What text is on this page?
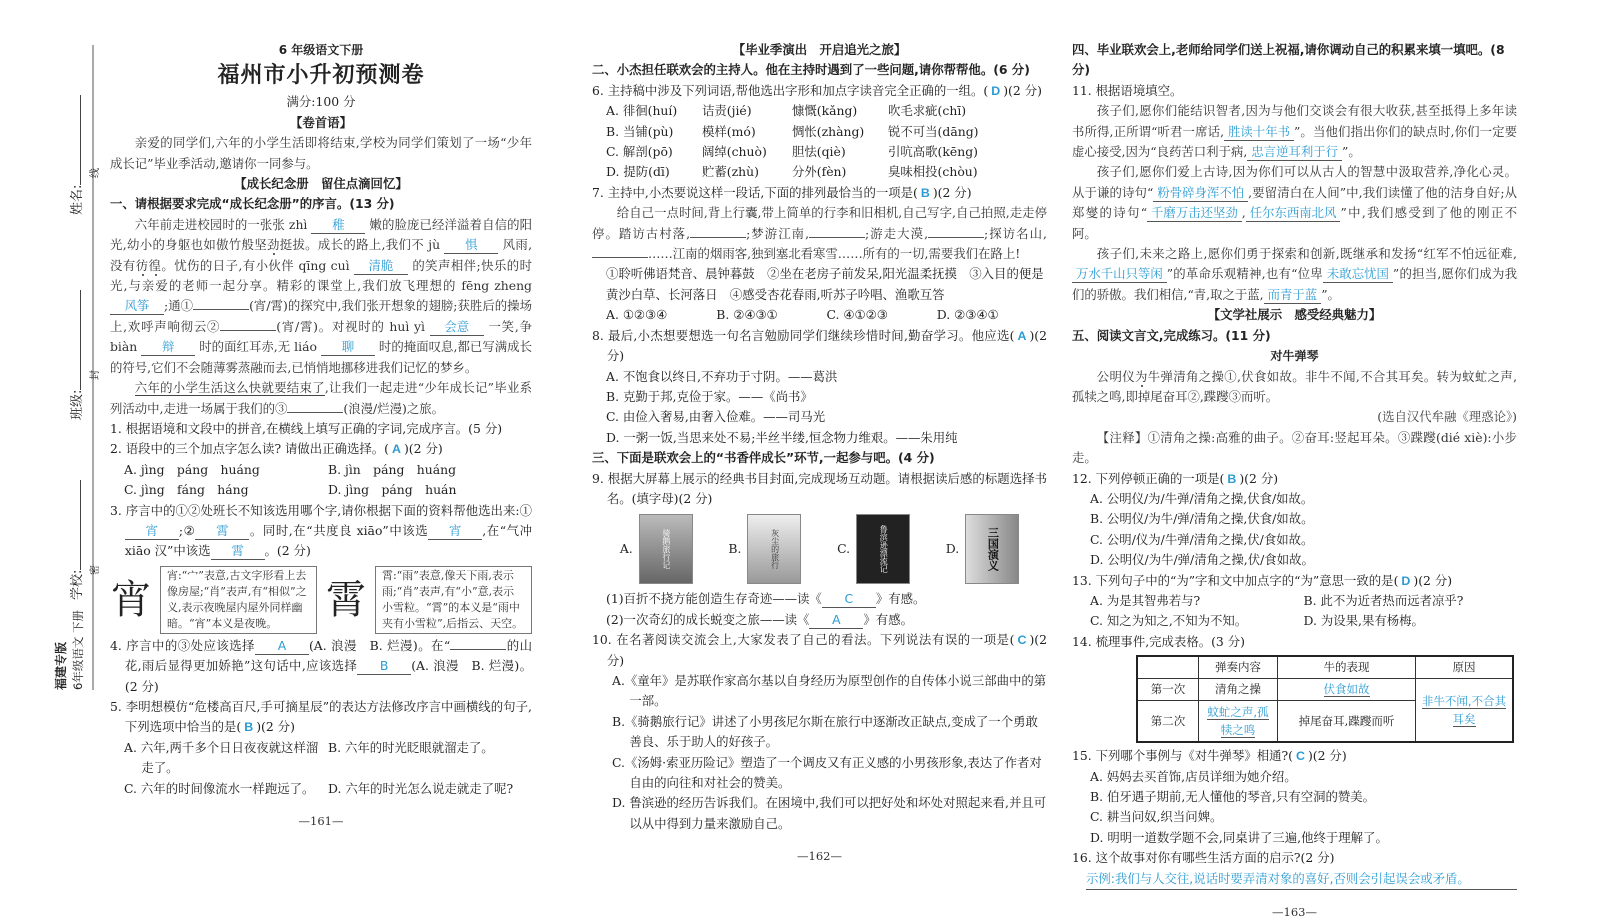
姓名:
线
班级:
封
学校: 密
福建专版 6年级语文 下册
6 年级语文下册
福州市小升初预测卷
满分:100 分
【卷首语】
亲爱的同学们,六年的小学生活即将结束,学校为同学们策划了一场“少年成长记”毕业季活动,邀请你一同参与。
【成长纪念册　留住点滴回忆】
一、请根据要求完成“成长纪念册”的序言。(13 分)
六年前走进校园时的一张张 zhì 稚 嫩的脸庞已经洋溢着自信的阳光,幼小的身躯也如傲竹般坚劲挺拔。成长的路上,我们不 jù 惧 风雨,没有彷徨。忧伤的日子,有小伙伴 qīng cuì 清脆 的笑声相伴;快乐的时光,与亲爱的老师一起分享。精彩的课堂上,我们放飞理想的 fēng zheng 风筝 ;通①	(宵/霄)的探究中,我们张开想象的翅膀;获胜后的操场上,欢呼声响彻云②	(宵/霄)。对视时的 huì yì 会意 一笑,争 biàn 辩 时的面红耳赤,无 liáo 聊 时的掩面叹息,都已写满成长的符号,它们不会随薄雾蒸融而去,已悄悄地挪移进我们记忆的梦乡。
六年的小学生活这么快就要结束了,让我们一起走进“少年成长记”毕业系列活动中,走进一场属于我们的③	(浪漫/烂漫)之旅。
1. 根据语境和文段中的拼音,在横线上填写正确的字词,完成序言。(5 分)
2. 语段中的三个加点字怎么读? 请做出正确选择。( A )(2 分)
A. jìng　páng　huáng	B. jìn　páng　huáng
C. jìng　fáng　háng	D. jìng　páng　huán
3. 序言中的①②处班长不知该选用哪个字,请你根据下面的资料帮他选出来:①宵 ;② 霄 。同时,在“共度良 xiāo”中该选 宵 ,在“气冲 xiāo 汉”中该选 霄 。(2 分)
宵
宵:“宀”表意,古文字形看上去像房屋;“肖”表声,有“相似”之义,表示夜晚屋内屋外同样幽暗。“宵”本义是夜晚。
霄
霄:“雨”表意,像天下雨,表示雨;“肖”表声,有“小”意,表示小雪粒。“霄”的本义是“雨中夹有小雪粒”,后指云、天空。
4. 序言中的③处应该选择 A (A. 浪漫　B. 烂漫)。在“	的山花,雨后显得更加娇艳”这句话中,应该选择 B (A. 浪漫　B. 烂漫)。(2 分)
5. 李明想模仿“危楼高百尺,手可摘星辰”的表达方法修改序言中画横线的句子,下列选项中恰当的是( B )(2 分)
A. 六年,两千多个日日夜夜就这样溜走了。
B. 六年的时光眨眼就溜走了。
C. 六年的时间像流水一样跑远了。	D. 六年的时光怎么说走就走了呢?
—161—
【毕业季演出　开启追光之旅】
二、小杰担任联欢会的主持人。他在主持时遇到了一些问题,请你帮帮他。(6 分)
6. 主持稿中涉及下列词语,帮他选出字形和加点字读音完全正确的一组。( D )(2 分)
A. 徘徊(huí)	诘责(jié)	慷慨(kǎng)	吹毛求疵(chī)
B. 当铺(pù)	模样(mó)	惆怅(zhàng)	锐不可当(dāng)
C. 解剖(pō)	阔绰(chuò)	胆怯(qiè)	引吭高歌(kēng)
D. 提防(dī)	贮蓄(zhù)	分外(fèn)	臭味相投(chòu)
7. 主持中,小杰要说这样一段话,下面的排列最恰当的一项是( B )(2 分)
给自己一点时间,背上行囊,带上简单的行李和旧相机,自己写字,自己拍照,走走停停。踏访古村落,	;梦游江南,	;游走大漠,	;探访名山,……江南的烟雨客,独到塞北看寒雪……所有的一切,需要我们在路上!
①聆听佛语梵音、晨钟暮鼓　②坐在老房子前发呆,阳光温柔抚摸　③入目的便是黄沙白草、长河落日　④感受杏花春雨,听苏子吟唱、渔歌互答
A. ①②③④	B. ②④③①	C. ④①②③	D. ②③④①
8. 最后,小杰想要想选一句名言勉励同学们继续珍惜时间,勤奋学习。他应选( A )(2 分)
A. 不饱食以终日,不弃功于寸阴。——葛洪
B. 克勤于邦,克俭于家。——《尚书》
C. 由俭入奢易,由奢入俭难。——司马光
D. 一粥一饭,当思来处不易;半丝半缕,恒念物力维艰。——朱用纯
三、下面是联欢会上的“书香伴成长”环节,一起参与吧。(4 分)
9. 根据大屏幕上展示的经典书目封面,完成现场互动题。请根据读后感的标题选择书名。(填字母)(2 分)
A.	骑鹅旅行记	B.	灰尘的旅行	C.	鲁滨逊漂流记	D.	三国演义
(1)百折不挠方能创造生存奇迹——读《 C 》有感。
(2)一次奇幻的成长蜕变之旅——读《 A 》有感。
10. 在名著阅读交流会上,大家发表了自己的看法。下列说法有误的一项是( C )(2 分)
A.《童年》是苏联作家高尔基以自身经历为原型创作的自传体小说三部曲中的第一部。
B.《骑鹅旅行记》讲述了小男孩尼尔斯在旅行中逐渐改正缺点,变成了一个勇敢善良、乐于助人的好孩子。
C.《汤姆·索亚历险记》塑造了一个调皮又有正义感的小男孩形象,表达了作者对自由的向往和对社会的赞美。
D. 鲁滨逊的经历告诉我们。在困境中,我们可以把好处和坏处对照起来看,并且可以从中得到力量来激励自己。
—162—
四、毕业联欢会上,老师给同学们送上祝福,请你调动自己的积累来填一填吧。(8 分)
11. 根据语境填空。
孩子们,愿你们能结识智者,因为与他们交谈会有很大收获,甚至抵得上多年读书所得,正所谓“听君一席话, 胜读十年书 ”。当他们指出你们的缺点时,你们一定要虚心接受,因为“良药苦口利于病, 忠言逆耳利于行 ”。
孩子们,愿你们爱上古诗,因为你们可以从古人的智慧中汲取营养,净化心灵。从于谦的诗句“ 粉骨碎身浑不怕 ,要留清白在人间”中,我们读懂了他的洁身自好;从郑燮的诗句“ 千磨万击还坚劲 , 任尔东西南北风 ”中,我们感受到了他的刚正不阿。
孩子们,未来之路上,愿你们勇于探索和创新,既继承和发扬“红军不怕远征难,万水千山只等闲 ”的革命乐观精神,也有“位卑 未敢忘忧国 ”的担当,愿你们成为我们的骄傲。我们相信,“青,取之于蓝, 而青于蓝 ”。
【文学社展示　感受经典魅力】
五、阅读文言文,完成练习。(11 分)
对牛弹琴
公明仪为牛弹清角之操①,伏食如故。非牛不闻,不合其耳矣。转为蚊虻之声,孤犊之鸣,即掉尾奋耳②,蹀躞③而听。
(选自汉代牟融《理惑论》)
【注释】①清角之操:高雅的曲子。②奋耳:竖起耳朵。③蹀躞(dié xiè):小步走。
12. 下列停顿正确的一项是( B )(2 分)
A. 公明仪/为/牛弹/清角之操,伏食/如故。
B. 公明仪/为牛/弹/清角之操,伏食/如故。
C. 公明/仪为/牛弹/清角之操,伏/食如故。
D. 公明仪/为牛/弹/清角之操,伏/食如故。
13. 下列句子中的“为”字和文中加点字的“为”意思一致的是( D )(2 分)
A. 为是其智弗若与?	B. 此不为近者热而远者凉乎?
C. 知之为知之,不知为不知。	D. 为设果,果有杨梅。
14. 梳理事件,完成表格。(3 分)
	弹奏内容	牛的表现	原因
第一次	清角之操	伏食如故	非牛不闻,不合其耳矣
第二次	蚊虻之声,孤犊之鸣	掉尾奋耳,蹀躞而听	
15. 下列哪个事例与《对牛弹琴》相通?( C )(2 分)
A. 妈妈去买首饰,店员详细为她介绍。
B. 伯牙遇子期前,无人懂他的琴音,只有空洞的赞美。
C. 耕当问奴,织当问婢。
D. 明明一道数学题不会,同桌讲了三遍,他终于理解了。
16. 这个故事对你有哪些生活方面的启示?(2 分)
示例:我们与人交往,说话时要弄清对象的喜好,否则会引起误会或矛盾。
—163—
